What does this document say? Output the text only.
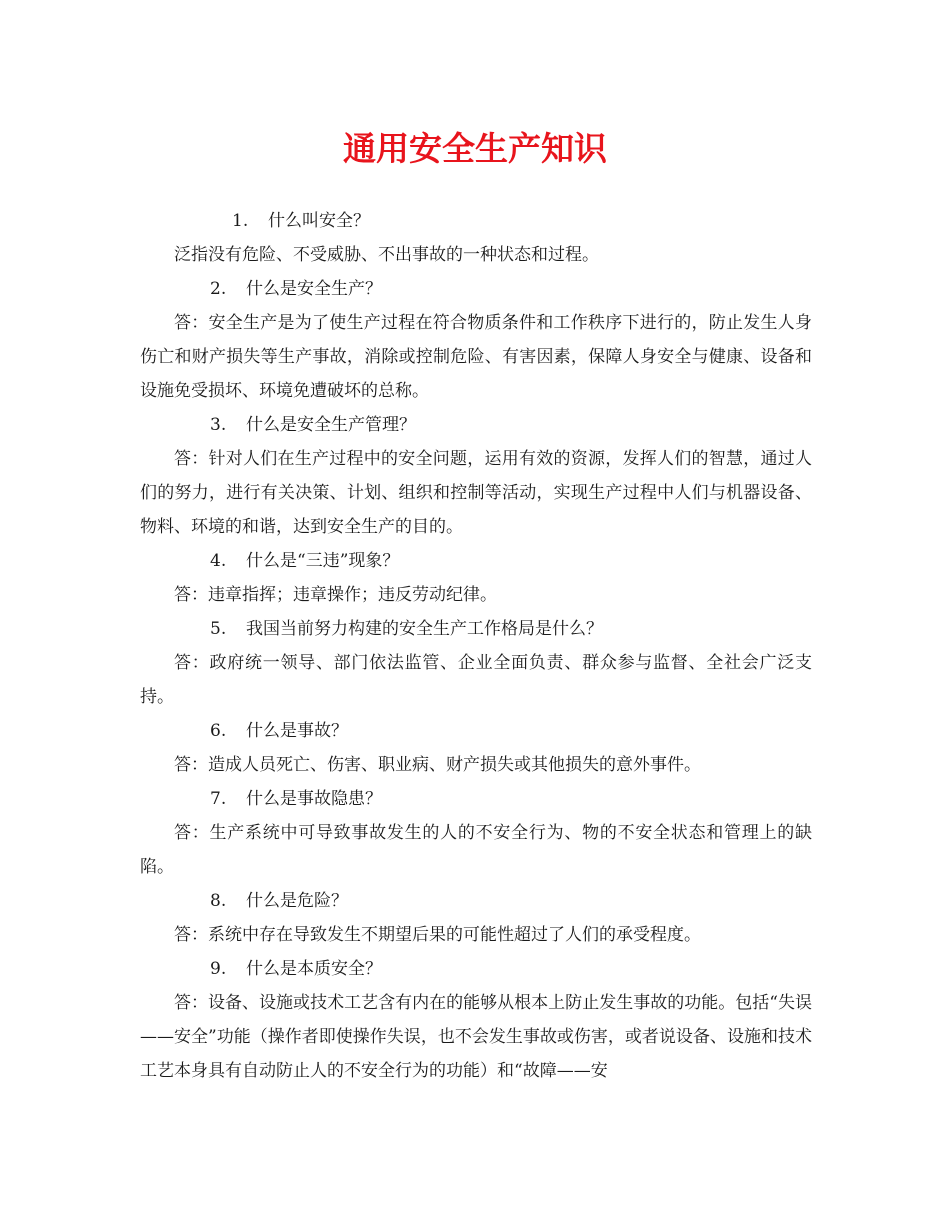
通用安全生产知识

1. 什么叫安全？

泛指没有危险、不受威胁、不出事故的一种状态和过程。

2. 什么是安全生产？

答：安全生产是为了使生产过程在符合物质条件和工作秩序下进行的，防止发生人身伤亡和财产损失等生产事故，消除或控制危险、有害因素，保障人身安全与健康、设备和设施免受损坏、环境免遭破坏的总称。

3. 什么是安全生产管理？

答：针对人们在生产过程中的安全问题，运用有效的资源，发挥人们的智慧，通过人们的努力，进行有关决策、计划、组织和控制等活动，实现生产过程中人们与机器设备、物料、环境的和谐，达到安全生产的目的。

4. 什么是“三违”现象？

答：违章指挥；违章操作；违反劳动纪律。

5. 我国当前努力构建的安全生产工作格局是什么？

答：政府统一领导、部门依法监管、企业全面负责、群众参与监督、全社会广泛支持。

6. 什么是事故？

答：造成人员死亡、伤害、职业病、财产损失或其他损失的意外事件。

7. 什么是事故隐患？

答：生产系统中可导致事故发生的人的不安全行为、物的不安全状态和管理上的缺陷。

8. 什么是危险？

答：系统中存在导致发生不期望后果的可能性超过了人们的承受程度。

9. 什么是本质安全？

答：设备、设施或技术工艺含有内在的能够从根本上防止发生事故的功能。包括“失误——安全”功能（操作者即使操作失误，也不会发生事故或伤害，或者说设备、设施和技术工艺本身具有自动防止人的不安全行为的功能）和“故障——安
